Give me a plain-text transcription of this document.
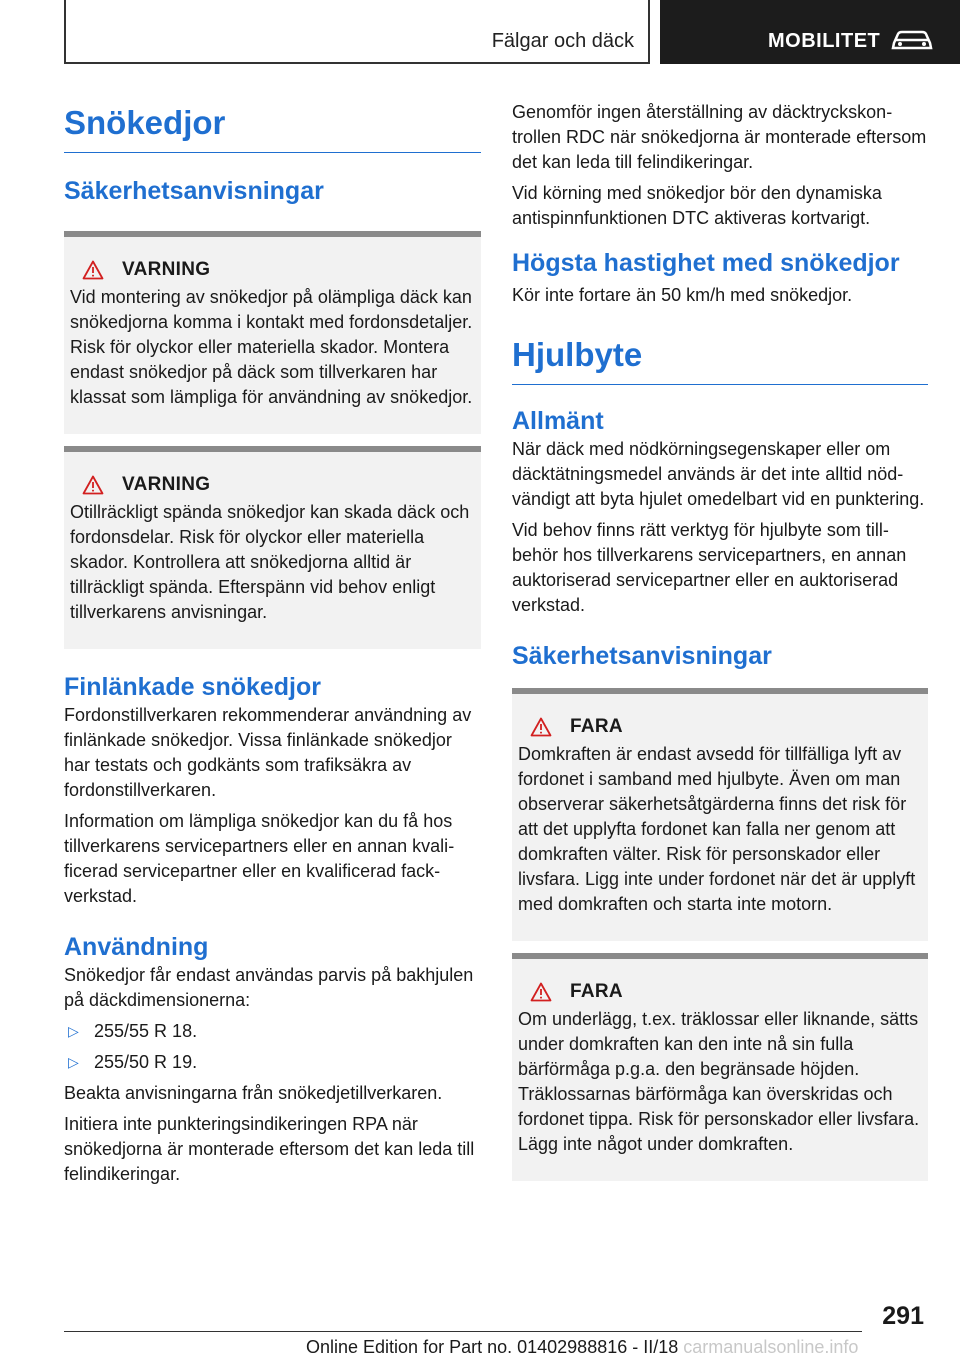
Fälgar och däck	MOBILITET
Snökedjor
Säkerhetsanvisningar
VARNING

Vid montering av snökedjor på olämpliga däck kan snökedjorna komma i kontakt med fordonsdetaljer. Risk för olyckor eller materiella skador. Montera endast snökedjor på däck som tillverkaren har klassat som lämpliga för användning av snökedjor.

VARNING

Otillräckligt spända snökedjor kan skada däck och fordonsdelar. Risk för olyckor eller materiella skador. Kontrollera att snökedjorna alltid är tillräckligt spända. Efterspänn vid behov enligt tillverkarens anvisningar.

Finlänkade snökedjor

Fordonstillverkaren rekommenderar användning av finlänkade snökedjor. Vissa finlänkade snökedjor har testats och godkänts som trafiksäkra av fordonstillverkaren.

Information om lämpliga snökedjor kan du få hos tillverkarens servicepartners eller en annan kvalificerad servicepartner eller en kvalificerad fackverkstad.

Användning

Snökedjor får endast användas parvis på bakhjulen på däckdimensionerna:

▷ 255/55 R 18.
▷ 255/50 R 19.

Beakta anvisningarna från snökedjetillverkaren.

Initiera inte punkteringsindikeringen RPA när snökedjorna är monterade eftersom det kan leda till felindikeringar.

Genomför ingen återställning av däcktryckskontrollen RDC när snökedjorna är monterade eftersom det kan leda till felindikeringar.

Vid körning med snökedjor bör den dynamiska antispinnfunktionen DTC aktiveras kortvarigt.

Högsta hastighet med snökedjor

Kör inte fortare än 50 km/h med snökedjor.

Hjulbyte
Allmänt

När däck med nödkörningsegenskaper eller om däcktätningsmedel används är det inte alltid nödvändigt att byta hjulet omedelbart vid en punktering.

Vid behov finns rätt verktyg för hjulbyte som tillbehör hos tillverkarens servicepartners, en annan auktoriserad servicepartner eller en auktoriserad verkstad.

Säkerhetsanvisningar
FARA

Domkraften är endast avsedd för tillfälliga lyft av fordonet i samband med hjulbyte. Även om man observerar säkerhetsåtgärderna finns det risk för att det upplyfta fordonet kan falla ner genom att domkraften välter. Risk för personskador eller livsfara. Ligg inte under fordonet när det är upplyft med domkraften och starta inte motorn.

FARA

Om underlägg, t.ex. träklossar eller liknande, sätts under domkraften kan den inte nå sin fulla bärförmåga p.g.a. den begränsade höjden. Träklossarnas bärförmåga kan överskridas och fordonet tippa. Risk för personskador eller livsfara. Lägg inte något under domkraften.

291
Online Edition for Part no. 01402988816 - II/18 carmanualsonline.info
